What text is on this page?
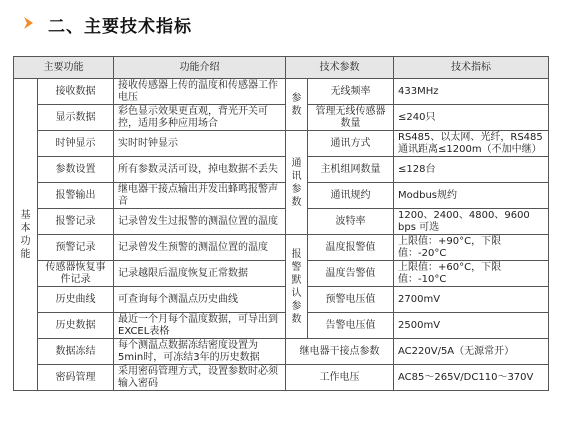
二、主要技术指标
主要功能		功能介绍	技术参数		技术指标
基本功能	接收数据	接收传感器上传的温度和传感器工作电压	参数	无线频率	433MHz
	显示数据	彩色显示效果更直观，背光开关可控，适用多种应用场合		管理无线传感器数量	≤240只
	时钟显示	实时时钟显示	通讯参数	通讯方式	RS485、以太网、光纤，RS485通讯距离≤1200m（不加中继）
	参数设置	所有参数灵活可设，掉电数据不丢失		主机组网数量	≤128台
	报警输出	继电器干接点输出并发出蜂鸣报警声音		通讯规约	Modbus规约
	报警记录	记录曾发生过报警的测温位置的温度		波特率	1200、2400、4800、9600 bps 可选
	预警记录	记录曾发生预警的测温位置的温度	报警默认参数	温度报警值	上限值：+90°C，下限值：-20°C
	传感器恢复事件记录	记录越限后温度恢复正常数据		温度告警值	上限值：+60°C，下限值：-10°C
	历史曲线	可查询每个测温点历史曲线		预警电压值	2700mV
	历史数据	最近一个月每个温度数据，可导出到EXCEL表格		告警电压值	2500mV
	数据冻结	每个测温点数据冻结密度设置为5min时，可冻结3年的历史数据	继电器干接点参数		AC220V/5A（无源常开）
	密码管理	采用密码管理方式，设置参数时必须输入密码	工作电压		AC85～265V/DC110～370V
